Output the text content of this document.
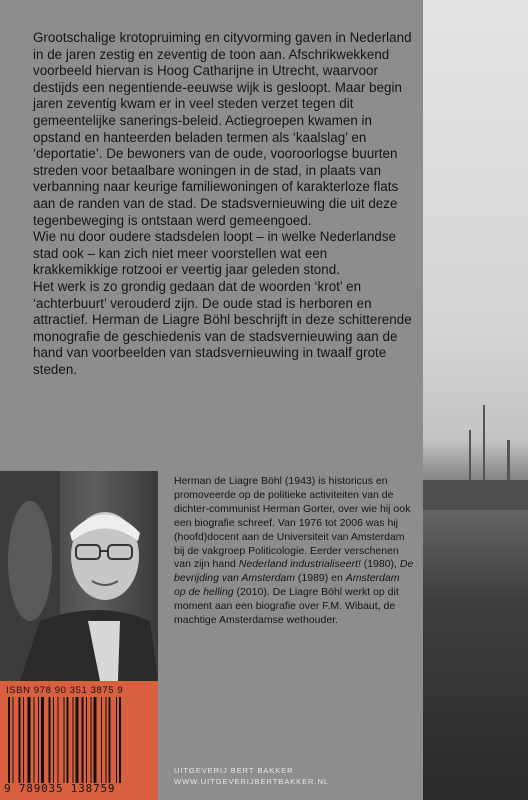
Grootschalige krotopruiming en cityvorming gaven in Nederland in de jaren zestig en zeventig de toon aan. Afschrikwekkend voorbeeld hiervan is Hoog Catharijne in Utrecht, waarvoor destijds een negentiende-eeuwse wijk is gesloopt. Maar begin jaren zeventig kwam er in veel steden verzet tegen dit gemeentelijke sanerings-beleid. Actiegroepen kwamen in opstand en hanteerden beladen termen als ‘kaalslag’ en ‘deportatie’. De bewoners van de oude, vooroorlogse buurten streden voor betaalbare woningen in de stad, in plaats van verbanning naar keurige familiewoningen of karakterloze flats aan de randen van de stad. De stadsvernieuwing die uit deze tegenbeweging is ontstaan werd gemeengoed.

Wie nu door oudere stadsdelen loopt – in welke Nederlandse stad ook – kan zich niet meer voorstellen wat een krakkemikkige rotzooi er veertig jaar geleden stond.

Het werk is zo grondig gedaan dat de woorden ‘krot’ en ‘achterbuurt’ verouderd zijn. De oude stad is herboren en attractief. Herman de Liagre Böhl beschrijft in deze schitterende monografie de geschiedenis van de stadsvernieuwing aan de hand van voorbeelden van stadsvernieuwing in twaalf grote steden.

Herman de Liagre Böhl (1943) is historicus en promoveerde op de politieke activiteiten van de dichter-communist Herman Gorter, over wie hij ook een biografie schreef. Van 1976 tot 2006 was hij (hoofd)docent aan de Universiteit van Amsterdam bij de vakgroep Politicologie. Eerder verschenen van zijn hand Nederland industrialiseert! (1980), De bevrijding van Amsterdam (1989) en Amsterdam op de helling (2010). De Liagre Böhl werkt op dit moment aan een biografie over F.M. Wibaut, de machtige Amsterdamse wethouder.

ISBN 978 90 351 3875 9
9 789035 138759
UITGEVERIJ BERT BAKKER
WWW.UITGEVERIJBERTBAKKER.NL
